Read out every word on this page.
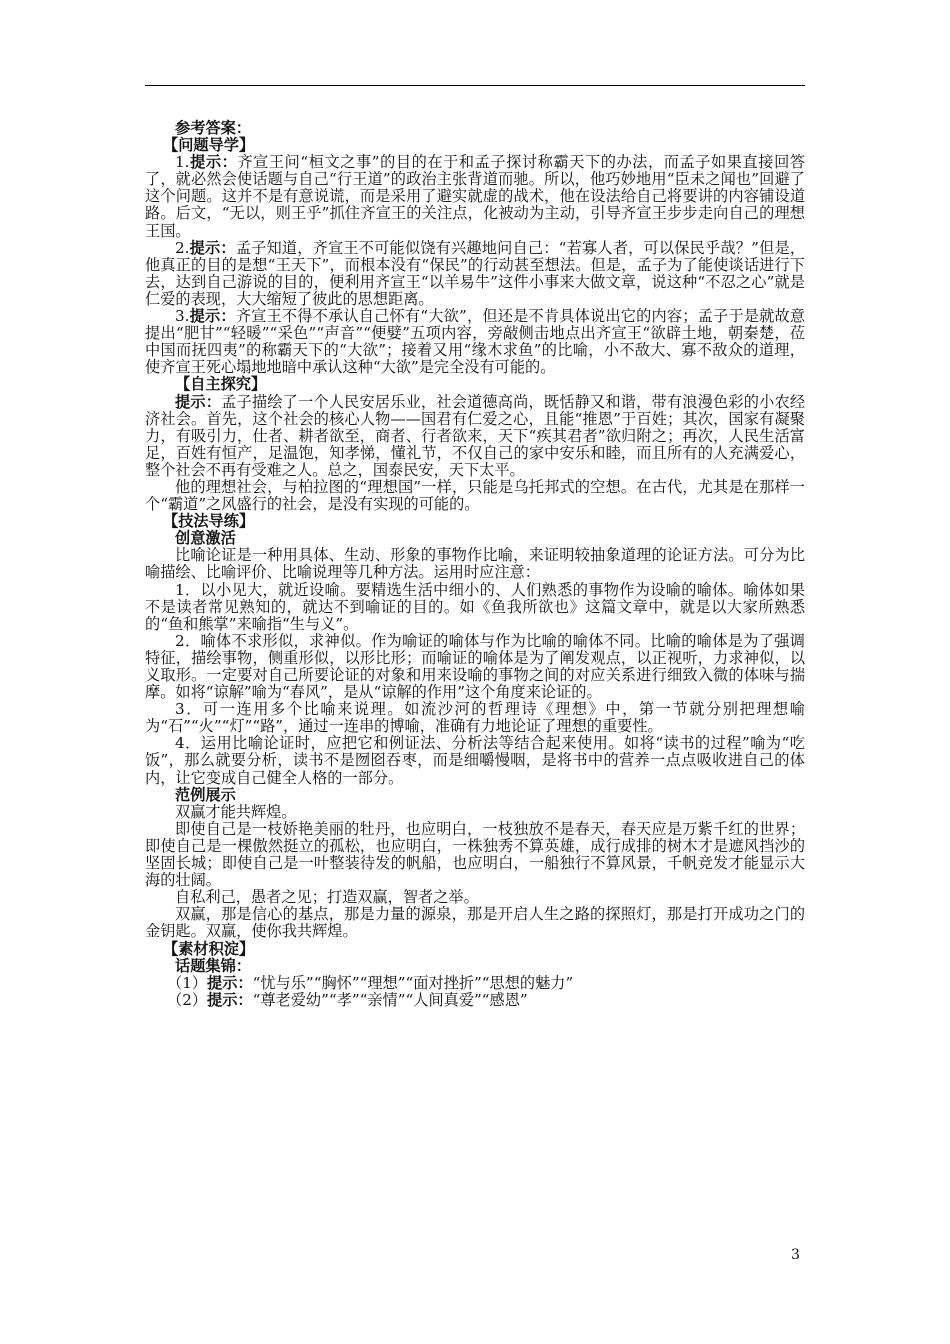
参考答案：

【问题导学】

1.提示：齐宣王问“桓文之事”的目的在于和孟子探讨称霸天下的办法，而孟子如果直接回答了，就必然会使话题与自己“行王道”的政治主张背道而驰。所以，他巧妙地用“臣未之闻也”回避了这个问题。这并不是有意说谎，而是采用了避实就虚的战术，他在设法给自己将要讲的内容铺设道路。后文，“无以，则王乎”抓住齐宣王的关注点，化被动为主动，引导齐宣王步步走向自己的理想王国。

2.提示：孟子知道，齐宣王不可能似饶有兴趣地问自己：“若寡人者，可以保民乎哉？”但是，他真正的目的是想“王天下”，而根本没有“保民”的行动甚至想法。但是，孟子为了能使谈话进行下去，达到自己游说的目的，便利用齐宣王“以羊易牛”这件小事来大做文章，说这种“不忍之心”就是仁爱的表现，大大缩短了彼此的思想距离。

3.提示：齐宣王不得不承认自己怀有“大欲”，但还是不肯具体说出它的内容；孟子于是就故意提出“肥甘”“轻暖”“采色”“声音”“便嬖”五项内容，旁敲侧击地点出齐宣王“欲辟土地，朝秦楚，莅中国而抚四夷”的称霸天下的“大欲”；接着又用“缘木求鱼”的比喻，小不敌大、寡不敌众的道理，使齐宣王死心塌地地暗中承认这种“大欲”是完全没有可能的。

【自主探究】

提示：孟子描绘了一个人民安居乐业，社会道德高尚，既恬静又和谐，带有浪漫色彩的小农经济社会。首先，这个社会的核心人物——国君有仁爱之心，且能“推恩”于百姓；其次，国家有凝聚力，有吸引力，仕者、耕者欲至，商者、行者欲来，天下“疾其君者”欲归附之；再次，人民生活富足，百姓有恒产，足温饱，知孝悌，懂礼节，不仅自己的家中安乐和睦，而且所有的人充满爱心，整个社会不再有受难之人。总之，国泰民安，天下太平。

他的理想社会，与柏拉图的“理想国”一样，只能是乌托邦式的空想。在古代，尤其是在那样一个“霸道”之风盛行的社会，是没有实现的可能的。

【技法导练】

创意激活

比喻论证是一种用具体、生动、形象的事物作比喻，来证明较抽象道理的论证方法。可分为比喻描绘、比喻评价、比喻说理等几种方法。运用时应注意：

1．以小见大，就近设喻。要精选生活中细小的、人们熟悉的事物作为设喻的喻体。喻体如果不是读者常见熟知的，就达不到喻证的目的。如《鱼我所欲也》这篇文章中，就是以大家所熟悉的“鱼和熊掌”来喻指“生与义”。

2．喻体不求形似，求神似。作为喻证的喻体与作为比喻的喻体不同。比喻的喻体是为了强调特征，描绘事物，侧重形似，以形比形；而喻证的喻体是为了阐发观点，以正视听，力求神似，以义取形。一定要对自己所要论证的对象和用来设喻的事物之间的对应关系进行细致入微的体味与揣摩。如将“谅解”喻为“春风”，是从“谅解的作用”这个角度来论证的。

3．可一连用多个比喻来说理。如流沙河的哲理诗《理想》中，第一节就分别把理想喻为“石”“火”“灯”“路”，通过一连串的博喻，准确有力地论证了理想的重要性。

4．运用比喻论证时，应把它和例证法、分析法等结合起来使用。如将“读书的过程”喻为“吃饭”，那么就要分析，读书不是囫囵吞枣，而是细嚼慢咽，是将书中的营养一点点吸收进自己的体内，让它变成自己健全人格的一部分。

范例展示

双赢才能共辉煌。

即使自己是一枝娇艳美丽的牡丹，也应明白，一枝独放不是春天，春天应是万紫千红的世界；即使自己是一棵傲然挺立的孤松，也应明白，一株独秀不算英雄，成行成排的树木才是遮风挡沙的坚固长城；即使自己是一叶整装待发的帆船，也应明白，一船独行不算风景，千帆竞发才能显示大海的壮阔。

自私利己，愚者之见；打造双赢，智者之举。

双赢，那是信心的基点，那是力量的源泉，那是开启人生之路的探照灯，那是打开成功之门的金钥匙。双赢，使你我共辉煌。

【素材积淀】

话题集锦：

（1）提示：“忧与乐”“胸怀”“理想”“面对挫折”“思想的魅力”

（2）提示：“尊老爱幼”“孝”“亲情”“人间真爱”“感恩”

3
